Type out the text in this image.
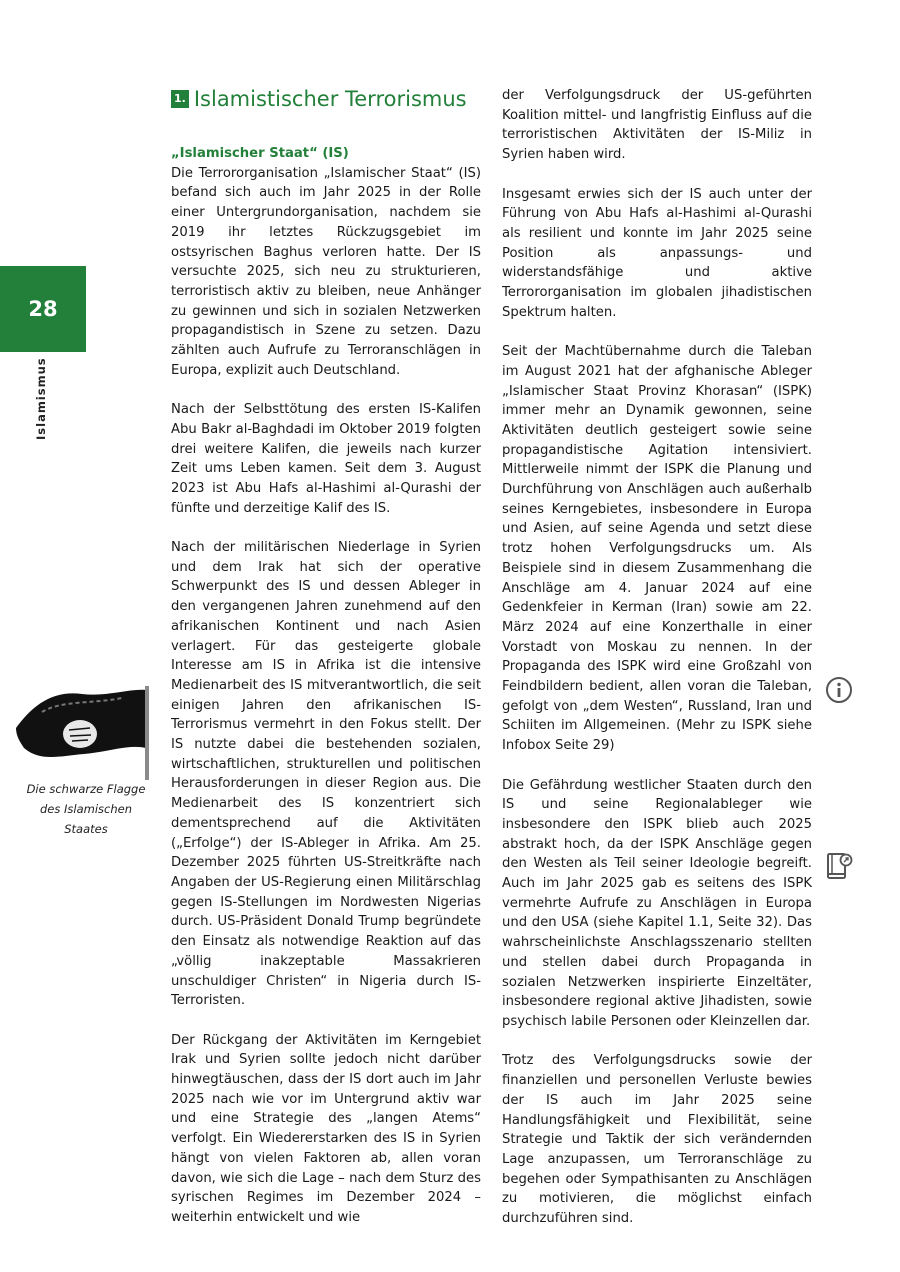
28
Islamismus
Die schwarze Flagge des Islamischen Staates
1. Islamistischer Terrorismus
„Islamischer Staat“ (IS)

Die Terrororganisation „Islamischer Staat“ (IS) befand sich auch im Jahr 2025 in der Rolle einer Untergrundorganisation, nachdem sie 2019 ihr letztes Rückzugsgebiet im ostsyrischen Baghus verloren hatte. Der IS versuchte 2025, sich neu zu strukturieren, terroristisch aktiv zu bleiben, neue Anhänger zu gewinnen und sich in sozialen Netzwerken propagandistisch in Szene zu setzen. Dazu zählten auch Aufrufe zu Terroranschlägen in Europa, explizit auch Deutschland.

Nach der Selbsttötung des ersten IS-Kalifen Abu Bakr al-Baghdadi im Oktober 2019 folgten drei weitere Kalifen, die jeweils nach kurzer Zeit ums Leben kamen. Seit dem 3. August 2023 ist Abu Hafs al-Hashimi al-Qurashi der fünfte und derzeitige Kalif des IS.

Nach der militärischen Niederlage in Syrien und dem Irak hat sich der operative Schwerpunkt des IS und dessen Ableger in den vergangenen Jahren zunehmend auf den afrikanischen Kontinent und nach Asien verlagert. Für das gesteigerte globale Interesse am IS in Afrika ist die intensive Medienarbeit des IS mitverantwortlich, die seit einigen Jahren den afrikanischen IS-Terrorismus vermehrt in den Fokus stellt. Der IS nutzte dabei die bestehenden sozialen, wirtschaftlichen, strukturellen und politischen Herausforderungen in dieser Region aus. Die Medienarbeit des IS konzentriert sich dementsprechend auf die Aktivitäten („Erfolge“) der IS-Ableger in Afrika. Am 25. Dezember 2025 führten US-Streitkräfte nach Angaben der US-Regierung einen Militärschlag gegen IS-Stellungen im Nordwesten Nigerias durch. US-Präsident Donald Trump begründete den Einsatz als notwendige Reaktion auf das „völlig inakzeptable Massakrieren unschuldiger Christen“ in Nigeria durch IS-Terroristen.

Der Rückgang der Aktivitäten im Kerngebiet Irak und Syrien sollte jedoch nicht darüber hinwegtäuschen, dass der IS dort auch im Jahr 2025 nach wie vor im Untergrund aktiv war und eine Strategie des „langen Atems“ verfolgt. Ein Wiedererstarken des IS in Syrien hängt von vielen Faktoren ab, allen voran davon, wie sich die Lage – nach dem Sturz des syrischen Regimes im Dezember 2024 – weiterhin entwickelt und wie

der Verfolgungsdruck der US-geführten Koalition mittel- und langfristig Einfluss auf die terroristischen Aktivitäten der IS-Miliz in Syrien haben wird.

Insgesamt erwies sich der IS auch unter der Führung von Abu Hafs al-Hashimi al-Qurashi als resilient und konnte im Jahr 2025 seine Position als anpassungs- und widerstandsfähige und aktive Terrororganisation im globalen jihadistischen Spektrum halten.

Seit der Machtübernahme durch die Taleban im August 2021 hat der afghanische Ableger „Islamischer Staat Provinz Khorasan“ (ISPK) immer mehr an Dynamik gewonnen, seine Aktivitäten deutlich gesteigert sowie seine propagandistische Agitation intensiviert. Mittlerweile nimmt der ISPK die Planung und Durchführung von Anschlägen auch außerhalb seines Kerngebietes, insbesondere in Europa und Asien, auf seine Agenda und setzt diese trotz hohen Verfolgungsdrucks um. Als Beispiele sind in diesem Zusammenhang die Anschläge am 4. Januar 2024 auf eine Gedenkfeier in Kerman (Iran) sowie am 22. März 2024 auf eine Konzerthalle in einer Vorstadt von Moskau zu nennen. In der Propaganda des ISPK wird eine Großzahl von Feindbildern bedient, allen voran die Taleban, gefolgt von „dem Westen“, Russland, Iran und Schiiten im Allgemeinen. (Mehr zu ISPK siehe Infobox Seite 29)

Die Gefährdung westlicher Staaten durch den IS und seine Regionalableger wie insbesondere den ISPK blieb auch 2025 abstrakt hoch, da der ISPK Anschläge gegen den Westen als Teil seiner Ideologie begreift. Auch im Jahr 2025 gab es seitens des ISPK vermehrte Aufrufe zu Anschlägen in Europa und den USA (siehe Kapitel 1.1, Seite 32). Das wahrscheinlichste Anschlagsszenario stellten und stellen dabei durch Propaganda in sozialen Netzwerken inspirierte Einzeltäter, insbesondere regional aktive Jihadisten, sowie psychisch labile Personen oder Kleinzellen dar.

Trotz des Verfolgungsdrucks sowie der finanziellen und personellen Verluste bewies der IS auch im Jahr 2025 seine Handlungsfähigkeit und Flexibilität, seine Strategie und Taktik der sich verändernden Lage anzupassen, um Terroranschläge zu begehen oder Sympathisanten zu Anschlägen zu motivieren, die möglichst einfach durchzuführen sind.
